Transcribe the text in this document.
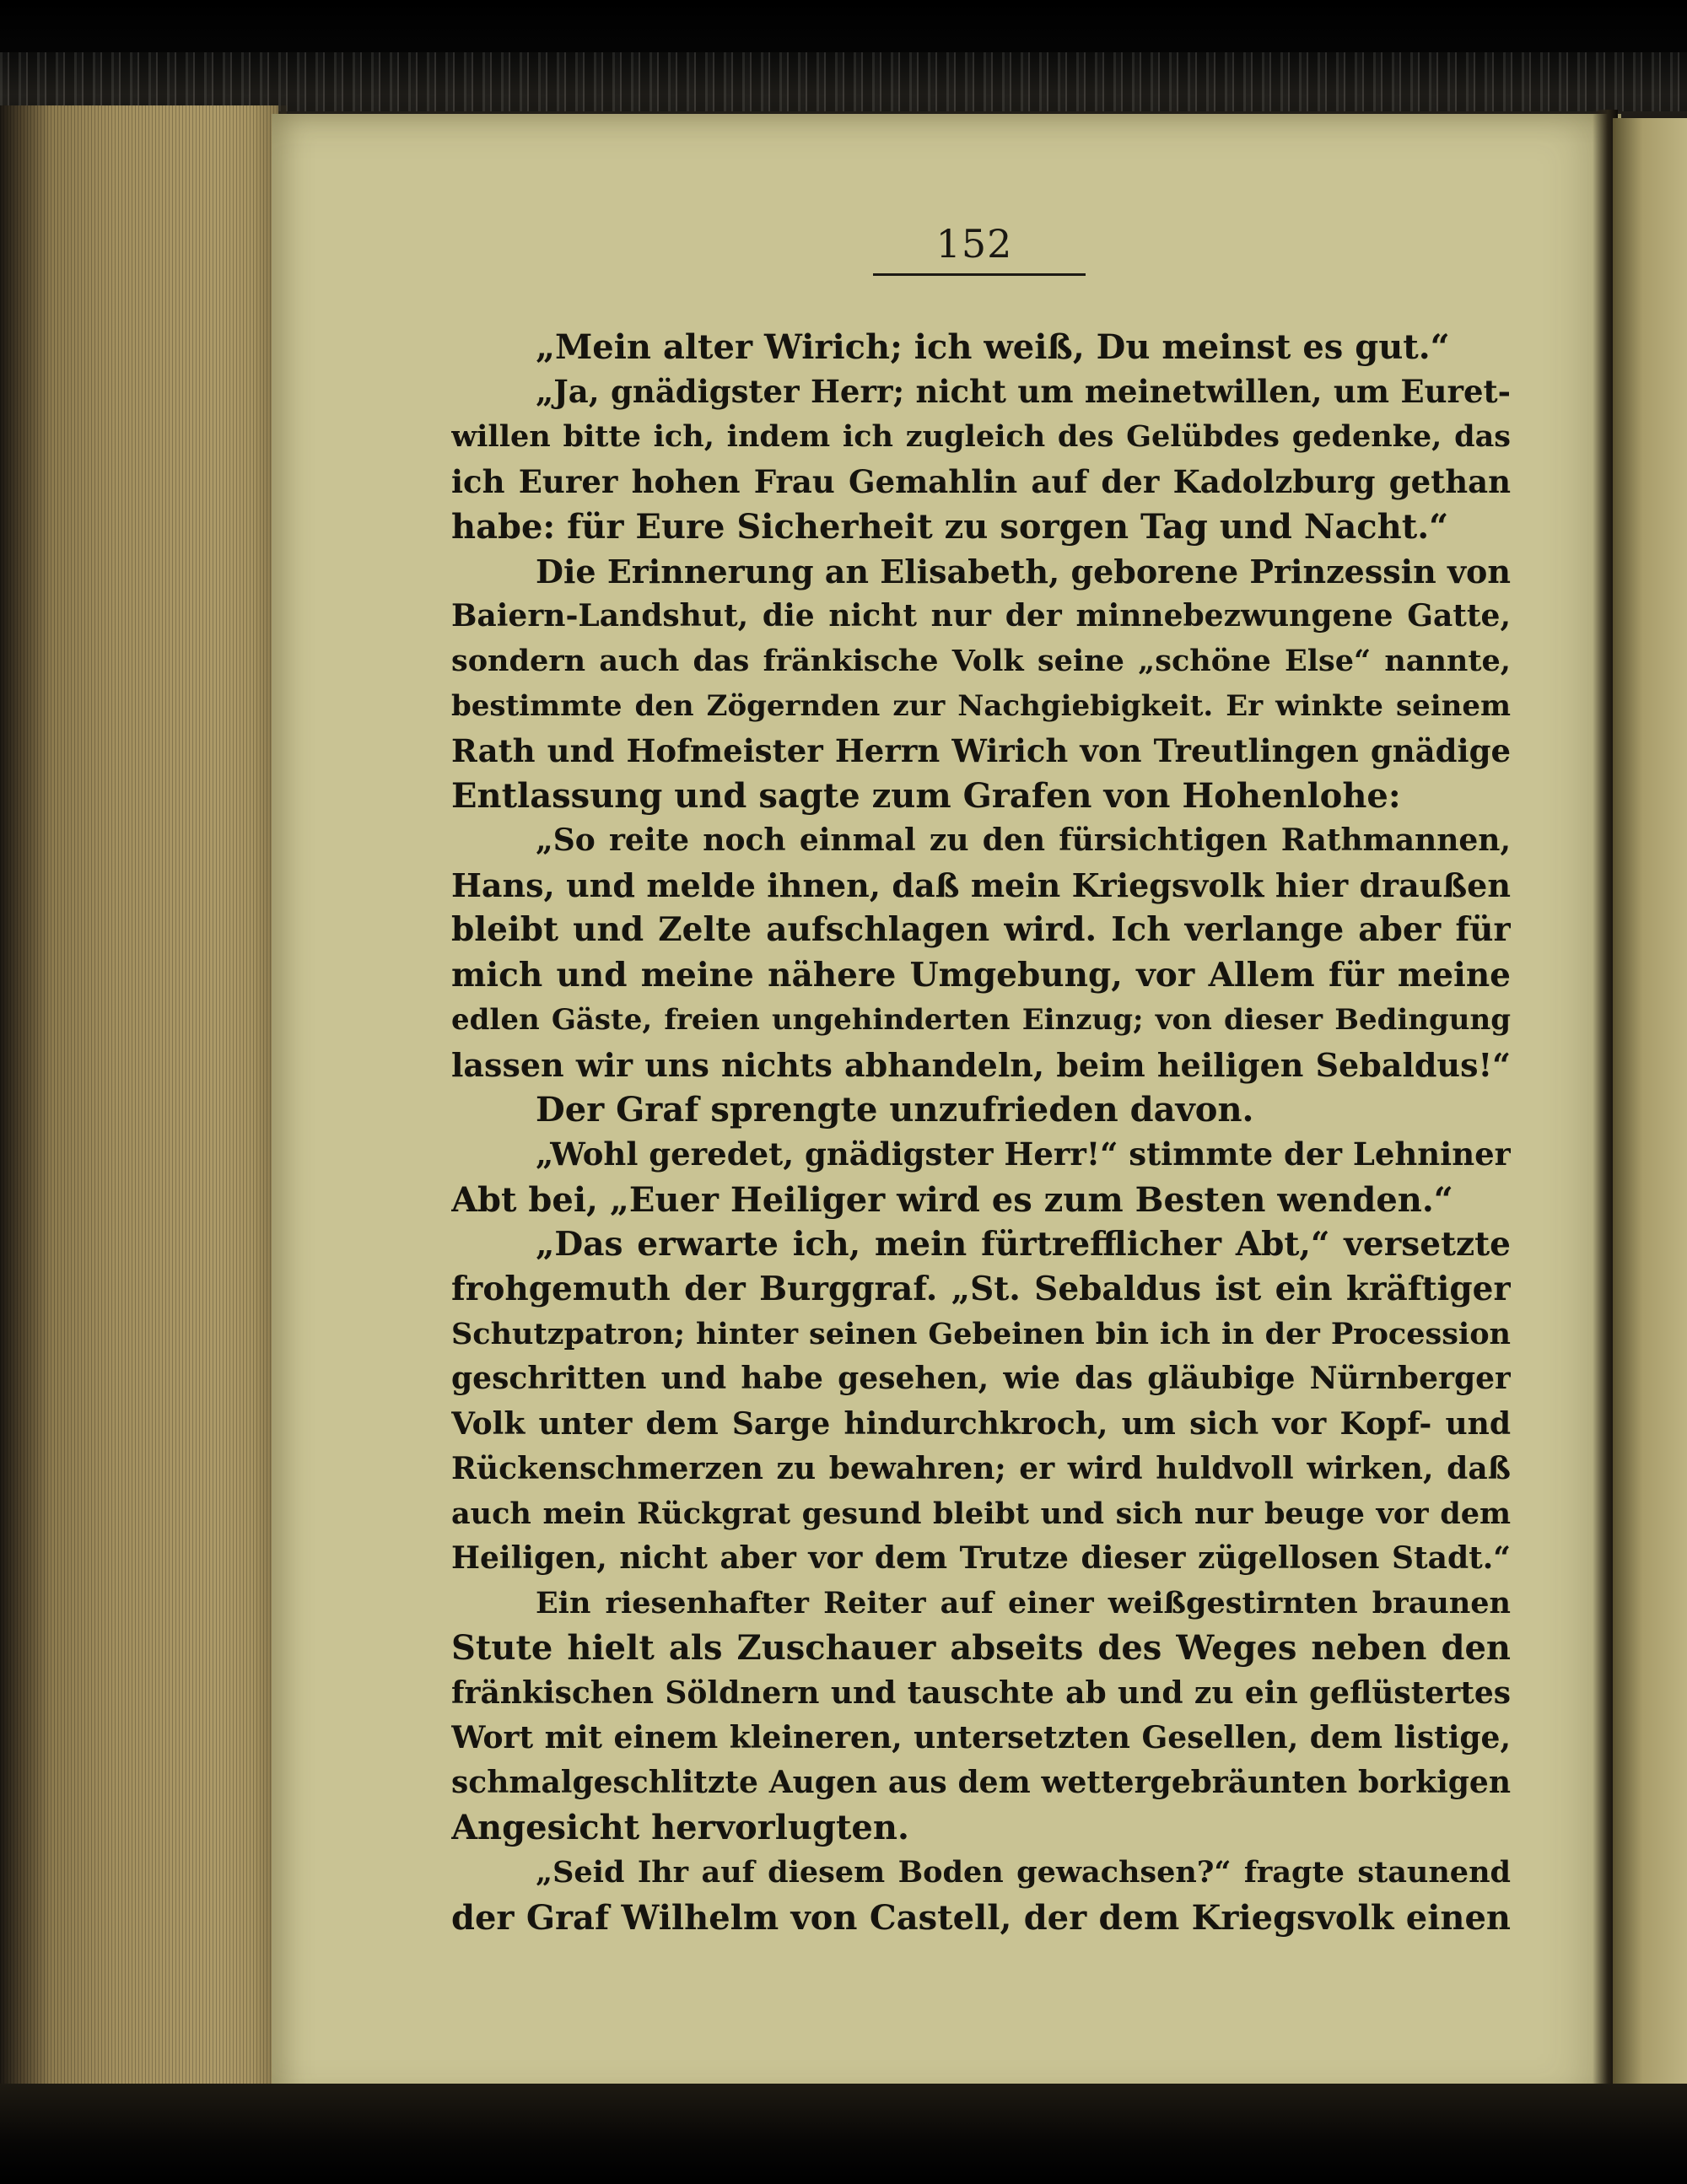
152
„Mein alter Wirich; ich weiß, Du meinst es gut.“
„Ja, gnädigster Herr; nicht um meinetwillen, um Euret-
willen bitte ich, indem ich zugleich des Gelübdes gedenke, das
ich Eurer hohen Frau Gemahlin auf der Kadolzburg gethan
habe: für Eure Sicherheit zu sorgen Tag und Nacht.“
Die Erinnerung an Elisabeth, geborene Prinzessin von
Baiern-Landshut, die nicht nur der minnebezwungene Gatte,
sondern auch das fränkische Volk seine „schöne Else“ nannte,
bestimmte den Zögernden zur Nachgiebigkeit. Er winkte seinem
Rath und Hofmeister Herrn Wirich von Treutlingen gnädige
Entlassung und sagte zum Grafen von Hohenlohe:
„So reite noch einmal zu den fürsichtigen Rathmannen,
Hans, und melde ihnen, daß mein Kriegsvolk hier draußen
bleibt und Zelte aufschlagen wird. Ich verlange aber für
mich und meine nähere Umgebung, vor Allem für meine
edlen Gäste, freien ungehinderten Einzug; von dieser Bedingung
lassen wir uns nichts abhandeln, beim heiligen Sebaldus!“
Der Graf sprengte unzufrieden davon.
„Wohl geredet, gnädigster Herr!“ stimmte der Lehniner
Abt bei, „Euer Heiliger wird es zum Besten wenden.“
„Das erwarte ich, mein fürtrefflicher Abt,“ versetzte
frohgemuth der Burggraf. „St. Sebaldus ist ein kräftiger
Schutzpatron; hinter seinen Gebeinen bin ich in der Procession
geschritten und habe gesehen, wie das gläubige Nürnberger
Volk unter dem Sarge hindurchkroch, um sich vor Kopf- und
Rückenschmerzen zu bewahren; er wird huldvoll wirken, daß
auch mein Rückgrat gesund bleibt und sich nur beuge vor dem
Heiligen, nicht aber vor dem Trutze dieser zügellosen Stadt.“
Ein riesenhafter Reiter auf einer weißgestirnten braunen
Stute hielt als Zuschauer abseits des Weges neben den
fränkischen Söldnern und tauschte ab und zu ein geflüstertes
Wort mit einem kleineren, untersetzten Gesellen, dem listige,
schmalgeschlitzte Augen aus dem wettergebräunten borkigen
Angesicht hervorlugten.
„Seid Ihr auf diesem Boden gewachsen?“ fragte staunend
der Graf Wilhelm von Castell, der dem Kriegsvolk einen
